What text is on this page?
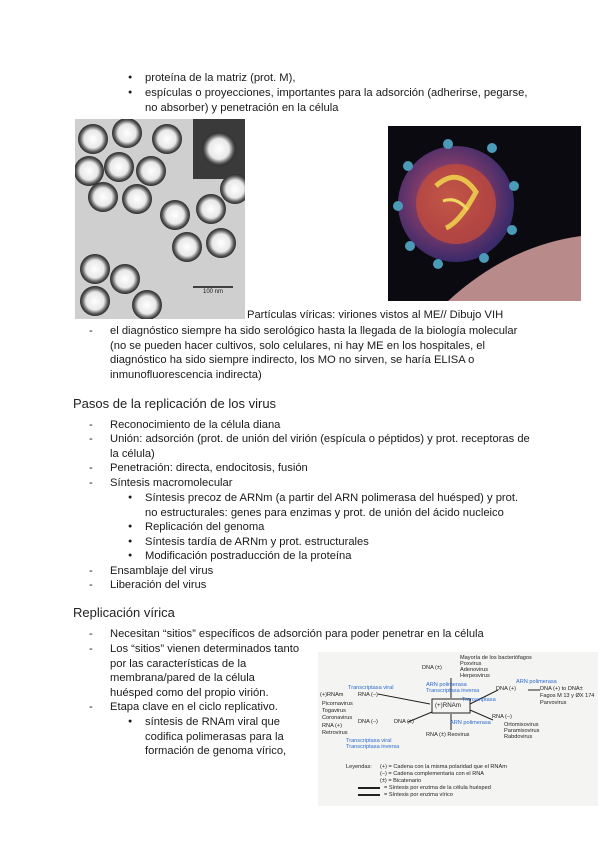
● proteína de la matriz (prot. M),
● espículas o proyecciones, importantes para la adsorción (adherirse, pegarse, no absorber) y penetración en la célula
100 nm
Partículas víricas: viriones vistos al ME// Dibujo VIH
- el diagnóstico siempre ha sido serológico hasta la llegada de la biología molecular (no se pueden hacer cultivos, solo celulares, ni hay ME en los hospitales, el diagnóstico ha sido siempre indirecto, los MO no sirven, se haría ELISA o inmunofluorescencia indirecta)
Pasos de la replicación de los virus
- Reconocimiento de la célula diana
- Unión: adsorción (prot. de unión del virión (espícula o péptidos) y prot. receptoras de la célula)
- Penetración: directa, endocitosis, fusión
- Síntesis macromolecular
● Síntesis precoz de ARNm (a partir del ARN polimerasa del huésped) y prot. no estructurales: genes para enzimas y prot. de unión del ácido nucleico
● Replicación del genoma
● Síntesis tardía de ARNm y prot. estructurales
● Modificación postraducción de la proteína
- Ensamblaje del virus
- Liberación del virus
Replicación vírica
- Necesitan “sitios” específicos de adsorción para poder penetrar en la célula
- Los “sitios” vienen determinados tanto por las características de la membrana/pared de la célula huésped como del propio virión.
- Etapa clave en el ciclo replicativo.
● síntesis de RNAm viral que codifica polimerasas para la formación de genoma vírico,
(+)RNAm
DNA (±)
Mayoría de los bacteriófagos
Poxvirus
Adenovirus
Herpesvirus
DNA (+)	DNA (+) to DNA±
Fagos M 13 y ØX 174
Parvovirus
(+)RNAm	RNA (–)
Picornavirus
Togavirus
Coronavirus
RNA (+)
DNA (–)	DNA (±)
Retrovirus
RNA (–)
Ortomixovirus
Paramixovirus
Rabdovirus
RNA (±) Reovirus
Transcriptasa viral	ARN polimerasa
Transcriptasa inversa
ARN polimerasa
Transcriptasa
ARN polimerasa
Transcriptasa viral
Transcriptasa inversa
Leyendas: (+) = Cadena con la misma polaridad que el RNAm
(–) = Cadena complementaria con el RNA
(±) = Bicatenario
= Síntesis por enzima de la célula huésped
= Síntesis por enzima vírico
